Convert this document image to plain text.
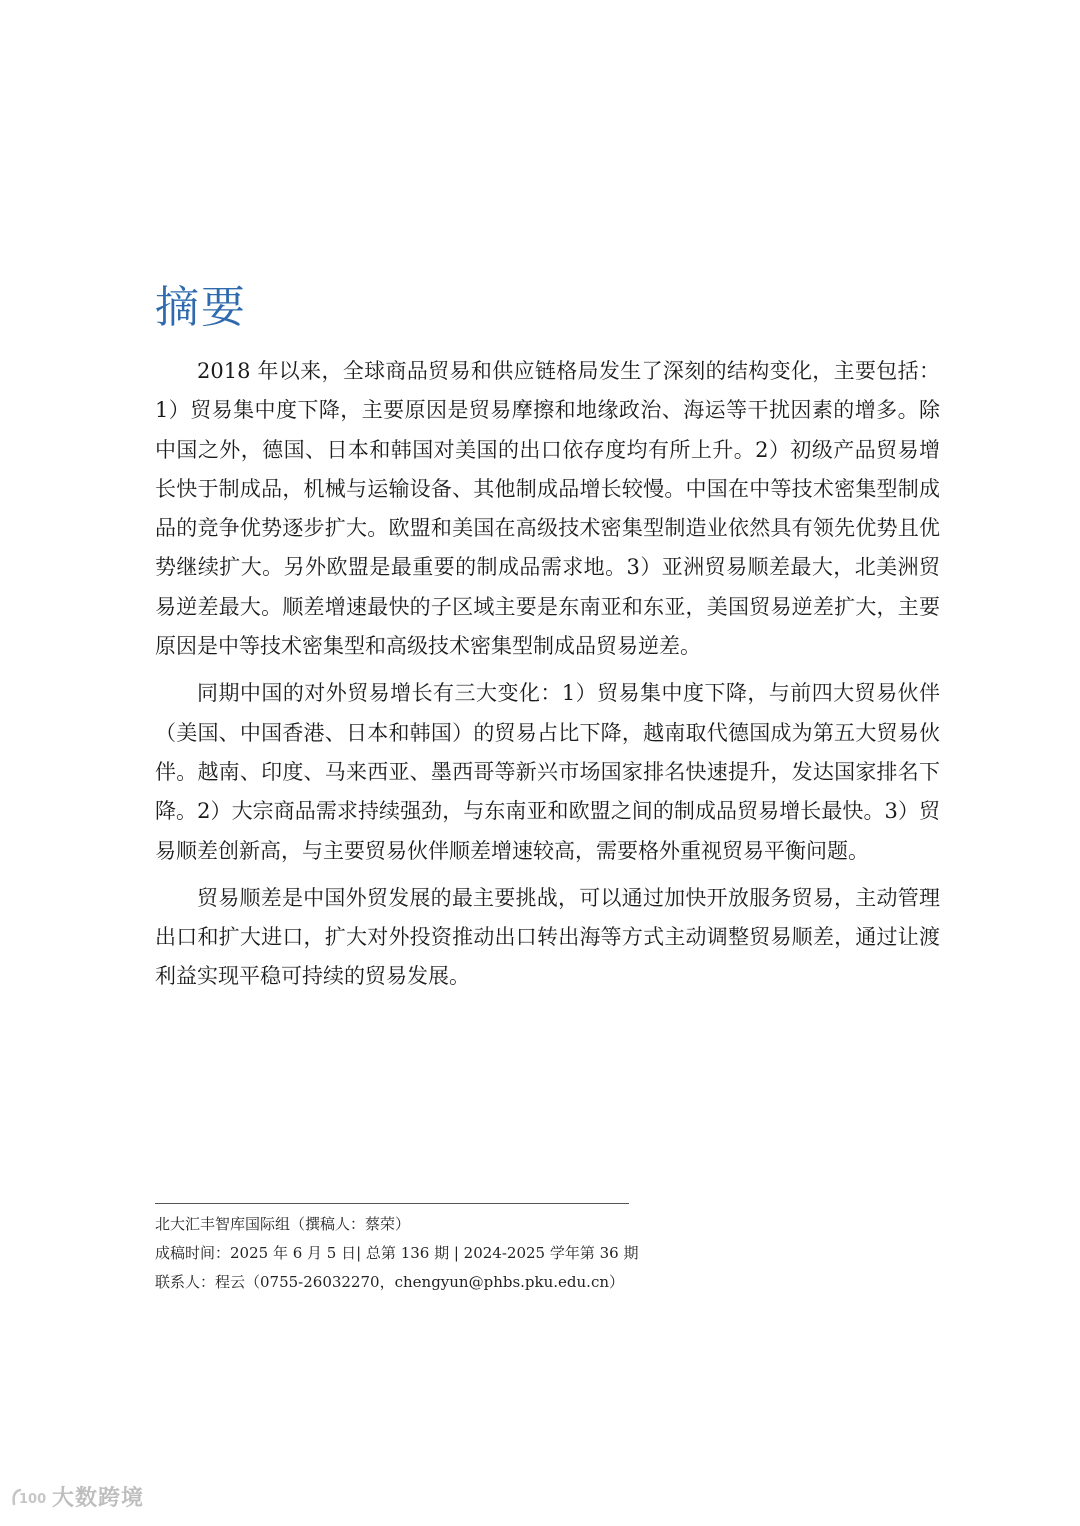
摘要

2018 年以来，全球商品贸易和供应链格局发生了深刻的结构变化，主要包括：1）贸易集中度下降，主要原因是贸易摩擦和地缘政治、海运等干扰因素的增多。除中国之外，德国、日本和韩国对美国的出口依存度均有所上升。2）初级产品贸易增长快于制成品，机械与运输设备、其他制成品增长较慢。中国在中等技术密集型制成品的竞争优势逐步扩大。欧盟和美国在高级技术密集型制造业依然具有领先优势且优势继续扩大。另外欧盟是最重要的制成品需求地。3）亚洲贸易顺差最大，北美洲贸易逆差最大。顺差增速最快的子区域主要是东南亚和东亚，美国贸易逆差扩大，主要原因是中等技术密集型和高级技术密集型制成品贸易逆差。

同期中国的对外贸易增长有三大变化：1）贸易集中度下降，与前四大贸易伙伴（美国、中国香港、日本和韩国）的贸易占比下降，越南取代德国成为第五大贸易伙伴。越南、印度、马来西亚、墨西哥等新兴市场国家排名快速提升，发达国家排名下降。2）大宗商品需求持续强劲，与东南亚和欧盟之间的制成品贸易增长最快。3）贸易顺差创新高，与主要贸易伙伴顺差增速较高，需要格外重视贸易平衡问题。

贸易顺差是中国外贸发展的最主要挑战，可以通过加快开放服务贸易，主动管理出口和扩大进口，扩大对外投资推动出口转出海等方式主动调整贸易顺差，通过让渡利益实现平稳可持续的贸易发展。

北大汇丰智库国际组（撰稿人：蔡荣）

成稿时间：2025 年 6 月 5 日| 总第 136 期 | 2024-2025 学年第 36 期

联系人：程云（0755-26032270，chengyun@phbs.pku.edu.cn）

100 大数跨境
